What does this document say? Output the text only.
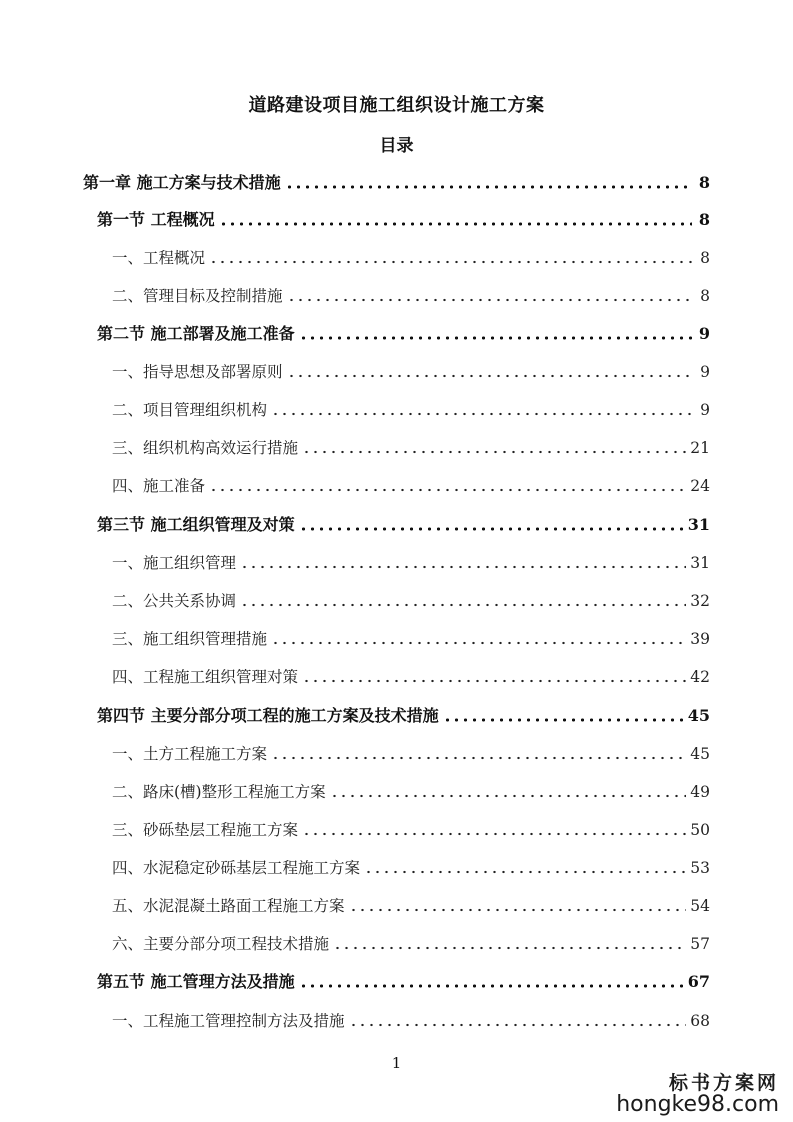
道路建设项目施工组织设计施工方案
目录
第一章 施工方案与技术措施	8
第一节 工程概况	8
一、工程概况	8
二、管理目标及控制措施	8
第二节 施工部署及施工准备	9
一、指导思想及部署原则	9
二、项目管理组织机构	9
三、组织机构高效运行措施	21
四、施工准备	24
第三节 施工组织管理及对策	31
一、施工组织管理	31
二、公共关系协调	32
三、施工组织管理措施	39
四、工程施工组织管理对策	42
第四节 主要分部分项工程的施工方案及技术措施	45
一、土方工程施工方案	45
二、路床(槽)整形工程施工方案	49
三、砂砾垫层工程施工方案	50
四、水泥稳定砂砾基层工程施工方案	53
五、水泥混凝土路面工程施工方案	54
六、主要分部分项工程技术措施	57
第五节 施工管理方法及措施	67
一、工程施工管理控制方法及措施	68
1
标书方案网
hongke98.com
